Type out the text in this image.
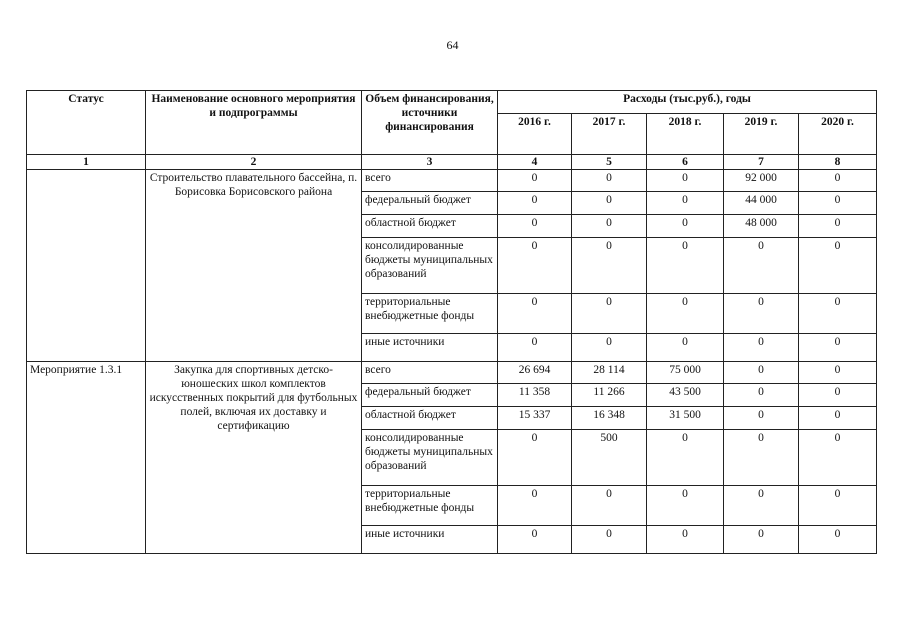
64
Статус	Наименование основного мероприятия и подпрограммы	Объем финансирования, источники финансирования	Расходы (тыс.руб.), годы				
			2016 г.	2017 г.	2018 г.	2019 г.	2020 г.
1	2	3	4	5	6	7	8
	Строительство плавательного бассейна, п. Борисовка Борисовского района	всего	0	0	0	92 000	0
		федеральный бюджет	0	0	0	44 000	0
		областной бюджет	0	0	0	48 000	0
		консолидированные бюджеты муниципальных образований	0	0	0	0	0
		территориальные внебюджетные фонды	0	0	0	0	0
		иные источники	0	0	0	0	0
Мероприятие 1.3.1	Закупка для спортивных детско-юношеских школ комплектов искусственных покрытий для футбольных полей, включая их доставку и сертификацию	всего	26 694	28 114	75 000	0	0
		федеральный бюджет	11 358	11 266	43 500	0	0
		областной бюджет	15 337	16 348	31 500	0	0
		консолидированные бюджеты муниципальных образований	0	500	0	0	0
		территориальные внебюджетные фонды	0	0	0	0	0
		иные источники	0	0	0	0	0
